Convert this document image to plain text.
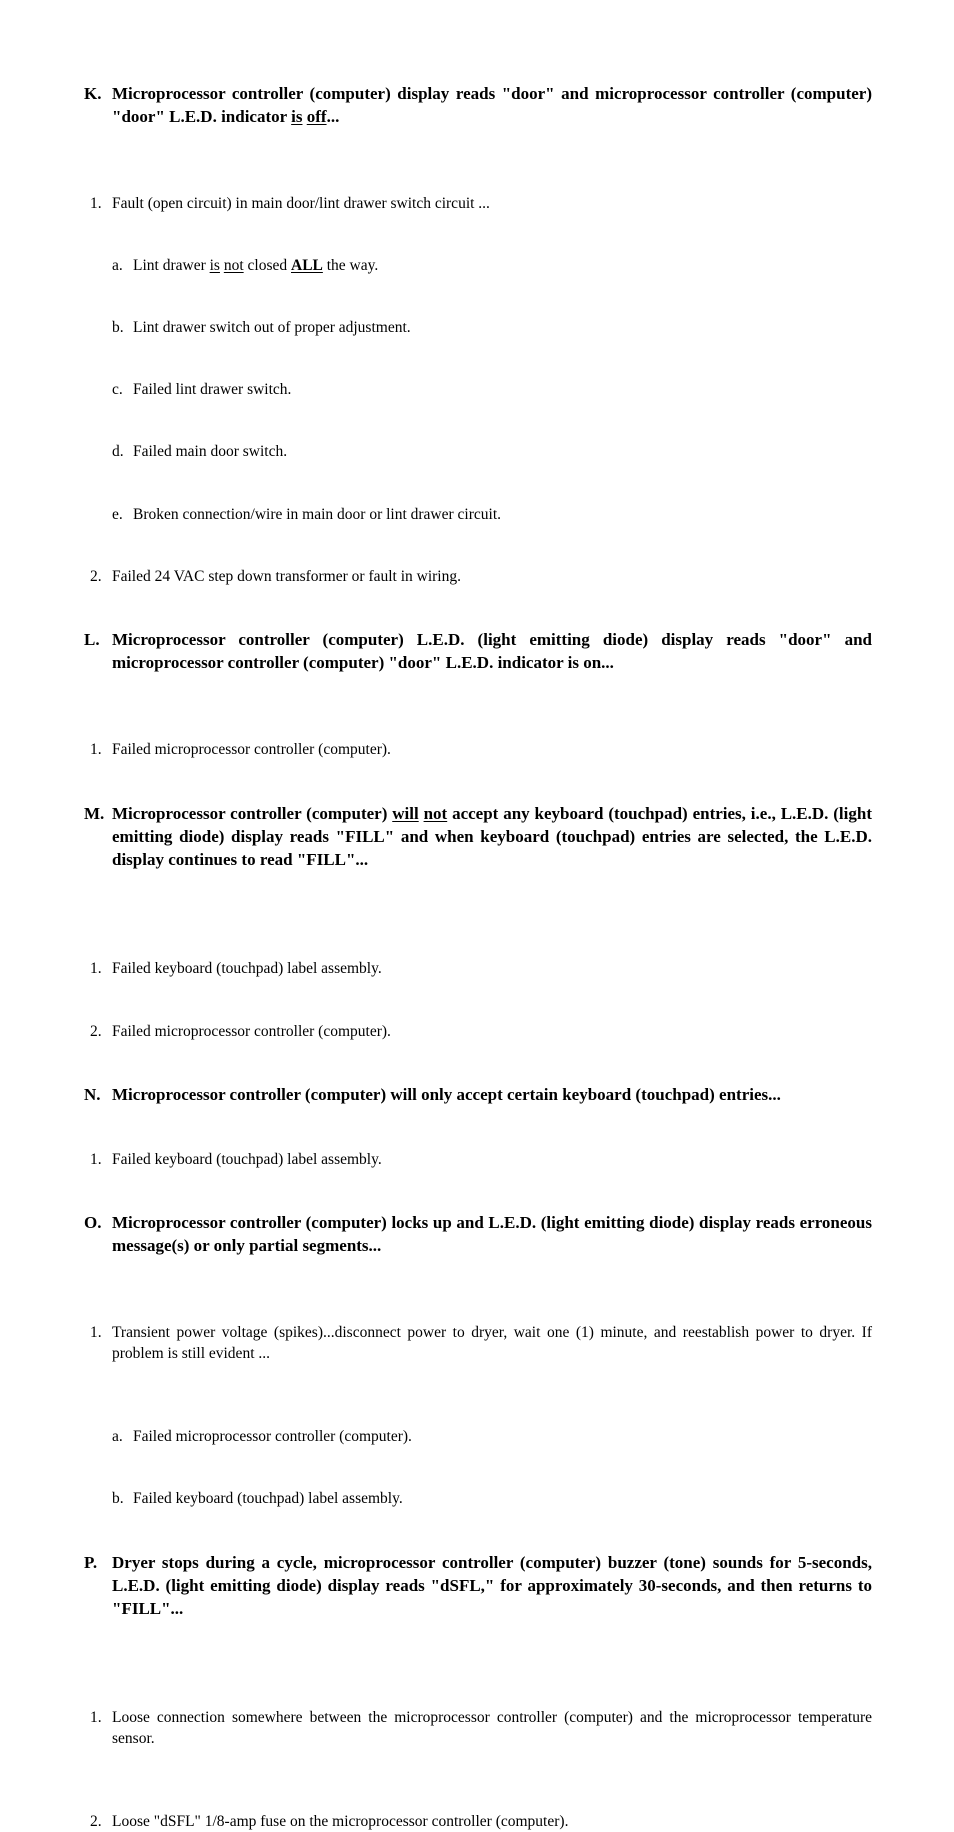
K. Microprocessor controller (computer) display reads "door" and microprocessor controller (computer) "door" L.E.D. indicator is off...
1. Fault (open circuit) in main door/lint drawer switch circuit ...
a. Lint drawer is not closed ALL the way.
b. Lint drawer switch out of proper adjustment.
c. Failed lint drawer switch.
d. Failed main door switch.
e. Broken connection/wire in main door or lint drawer circuit.
2. Failed 24 VAC step down transformer or fault in wiring.
L. Microprocessor controller (computer) L.E.D. (light emitting diode) display reads "door" and microprocessor controller (computer) "door" L.E.D. indicator is on...
1. Failed microprocessor controller (computer).
M. Microprocessor controller (computer) will not accept any keyboard (touchpad) entries, i.e., L.E.D. (light emitting diode) display reads "FILL" and when keyboard (touchpad) entries are selected, the L.E.D. display continues to read "FILL"...
1. Failed keyboard (touchpad) label assembly.
2. Failed microprocessor controller (computer).
N. Microprocessor controller (computer) will only accept certain keyboard (touchpad) entries...
1. Failed keyboard (touchpad) label assembly.
O. Microprocessor controller (computer) locks up and L.E.D. (light emitting diode) display reads erroneous message(s) or only partial segments...
1. Transient power voltage (spikes)...disconnect power to dryer, wait one (1) minute, and reestablish power to dryer. If problem is still evident ...
a. Failed microprocessor controller (computer).
b. Failed keyboard (touchpad) label assembly.
P. Dryer stops during a cycle, microprocessor controller (computer) buzzer (tone) sounds for 5-seconds, L.E.D. (light emitting diode) display reads "dSFL," for approximately 30-seconds, and then returns to "FILL"...
1. Loose connection somewhere between the microprocessor controller (computer) and the microprocessor temperature sensor.
2. Loose "dSFL" 1/8-amp fuse on the microprocessor controller (computer).
